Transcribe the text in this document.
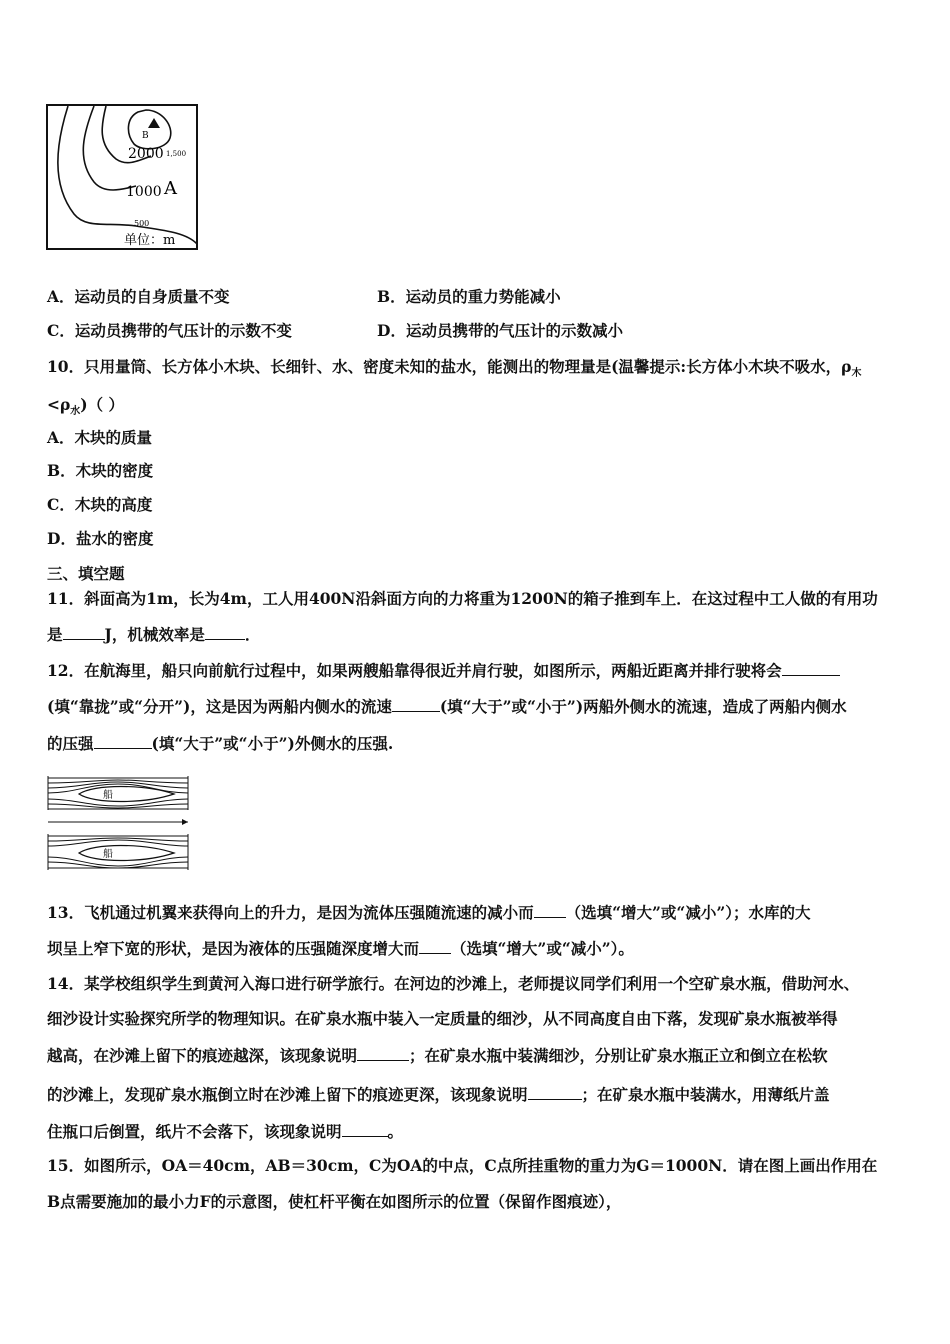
B
2000 1,500
1000 A
500
单位：m
A．运动员的自身质量不变	B．运动员的重力势能减小
C．运动员携带的气压计的示数不变	D．运动员携带的气压计的示数减小
10．只用量筒、长方体小木块、长细针、水、密度未知的盐水，能测出的物理量是(温馨提示:长方体小木块不吸水，$\rho_木$
$<\rho_水$)（ ）
A．木块的质量
B．木块的密度
C．木块的高度
D．盐水的密度
三、填空题
11．斜面高为1m，长为4m，工人用400N沿斜面方向的力将重为1200N的箱子推到车上．在这过程中工人做的有用功
是	J，机械效率是	．
12．在航海里，船只向前航行过程中，如果两艘船靠得很近并肩行驶，如图所示，两船近距离并排行驶将会
(填“靠拢”或“分开”)，这是因为两船内侧水的流速	(填“大于”或“小于”)两船外侧水的流速，造成了两船内侧水
的压强	(填“大于”或“小于”)外侧水的压强.
船
船
13．飞机通过机翼来获得向上的升力，是因为流体压强随流速的减小而 （选填“增大”或“减小”）；水库的大
坝呈上窄下宽的形状，是因为液体的压强随深度增大而 （选填“增大”或“减小”）。
14．某学校组织学生到黄河入海口进行研学旅行。在河边的沙滩上，老师提议同学们利用一个空矿泉水瓶，借助河水、
细沙设计实验探究所学的物理知识。在矿泉水瓶中装入一定质量的细沙，从不同高度自由下落，发现矿泉水瓶被举得
越高，在沙滩上留下的痕迹越深，该现象说明	；在矿泉水瓶中装满细沙，分别让矿泉水瓶正立和倒立在松软
的沙滩上，发现矿泉水瓶倒立时在沙滩上留下的痕迹更深，该现象说明	；在矿泉水瓶中装满水，用薄纸片盖
住瓶口后倒置，纸片不会落下，该现象说明	。
15．如图所示，OA＝40cm，AB＝30cm，C为OA的中点，C点所挂重物的重力为G＝1000N．请在图上画出作用在
B点需要施加的最小力F的示意图，使杠杆平衡在如图所示的位置（保留作图痕迹），
